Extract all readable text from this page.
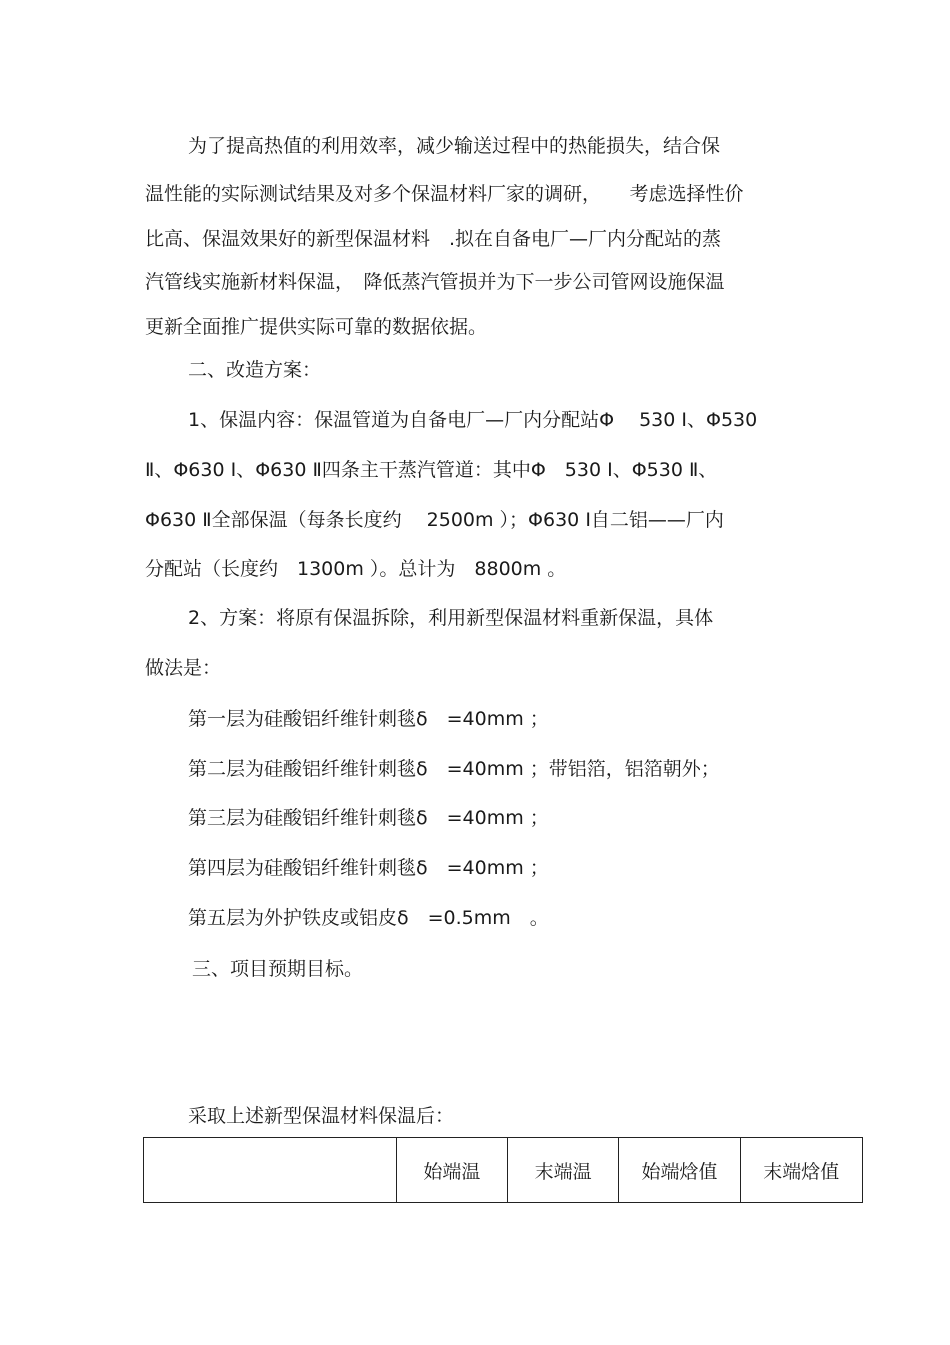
为了提高热值的利用效率，减少输送过程中的热能损失，结合保

温性能的实际测试结果及对多个保温材料厂家的调研，　　考虑选择性价

比高、保温效果好的新型保温材料　.拟在自备电厂—厂内分配站的蒸

汽管线实施新材料保温，　降低蒸汽管损并为下一步公司管网设施保温

更新全面推广提供实际可靠的数据依据。

二、改造方案：

1、保温内容：保温管道为自备电厂—厂内分配站Φ　 530 Ⅰ、Φ530

Ⅱ、Φ630 Ⅰ、Φ630 Ⅱ四条主干蒸汽管道：其中Φ　530 Ⅰ、Φ530 Ⅱ、

Φ630 Ⅱ全部保温（每条长度约　 2500m ）；Φ630 Ⅰ自二铝——厂内

分配站（长度约　1300m ）。总计为　8800m 。

2、方案：将原有保温拆除，利用新型保温材料重新保温，具体

做法是：

第一层为硅酸铝纤维针刺毯δ　=40mm ；

第二层为硅酸铝纤维针刺毯δ　=40mm ；带铝箔，铝箔朝外；

第三层为硅酸铝纤维针刺毯δ　=40mm ；

第四层为硅酸铝纤维针刺毯δ　=40mm ；

第五层为外护铁皮或铝皮δ　=0.5mm　。

三、项目预期目标。

采取上述新型保温材料保温后：

	始端温	末端温	始端焓值	末端焓值
